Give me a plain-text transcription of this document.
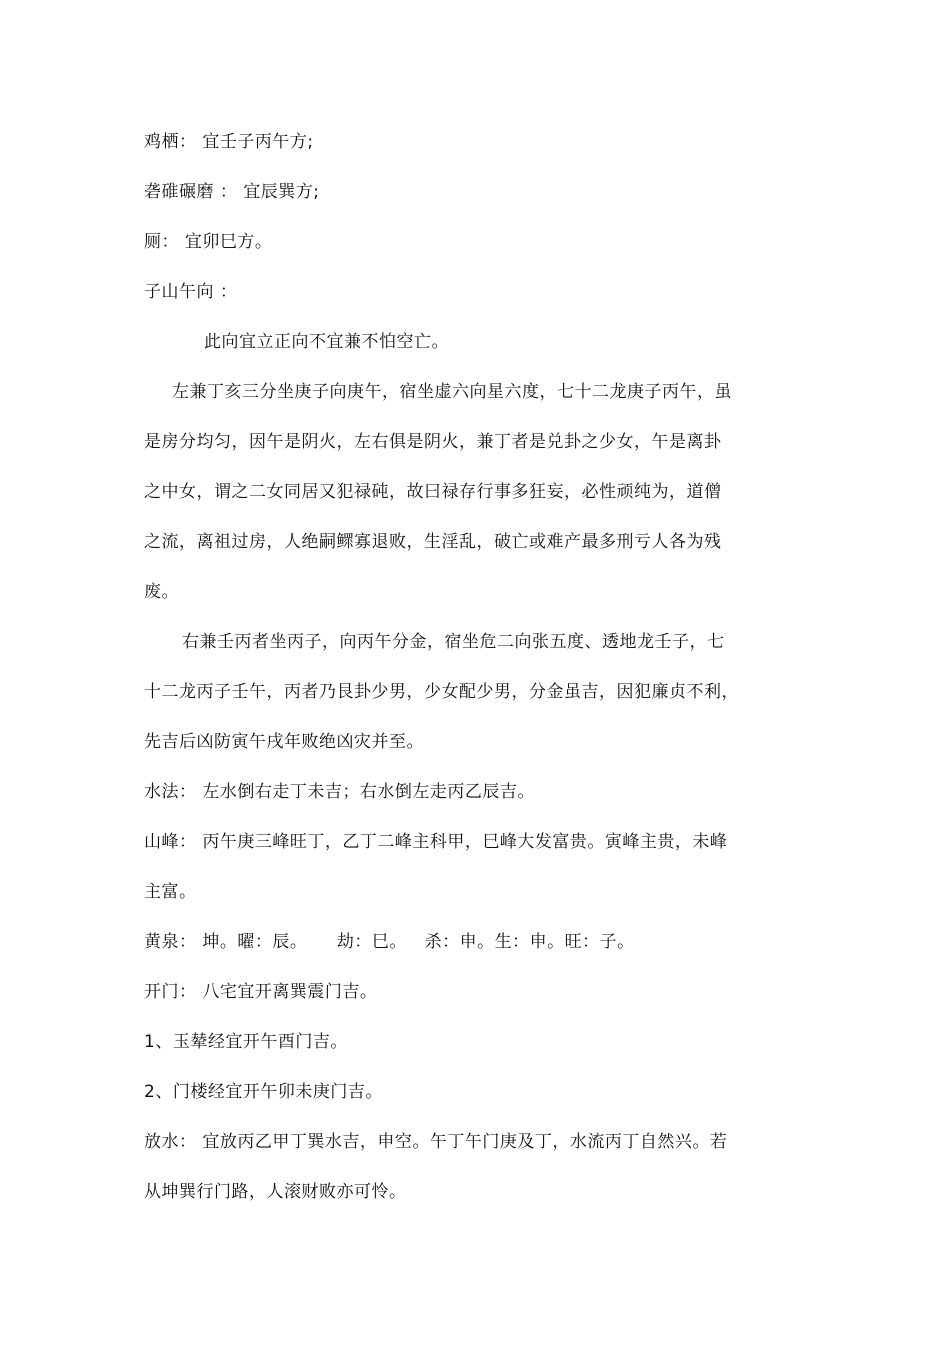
鸡栖： 宜壬子丙午方;
砻碓碾磨 ： 宜辰巽方;
厕： 宜卯巳方。
子山午向 ：
此向宜立正向不宜兼不怕空亡。
左兼丁亥三分坐庚子向庚午，宿坐虚六向星六度，七十二龙庚子丙午，虽
是房分均匀，因午是阴火，左右俱是阴火，兼丁者是兑卦之少女，午是离卦
之中女，谓之二女同居又犯禄砘，故曰禄存行事多狂妄，必性顽纯为，道僧
之流，离祖过房，人绝嗣鳏寡退败，生淫乱，破亡或难产最多刑亏人各为残
废。
右兼壬丙者坐丙子，向丙午分金，宿坐危二向张五度、透地龙壬子，七
十二龙丙子壬午，丙者乃艮卦少男，少女配少男，分金虽吉，因犯廉贞不利，
先吉后凶防寅午戌年败绝凶灾并至。
水法： 左水倒右走丁未吉；右水倒左走丙乙辰吉。
山峰： 丙午庚三峰旺丁，乙丁二峰主科甲，巳峰大发富贵。寅峰主贵，未峰
主富。
黄泉： 坤。曜：辰。     劫：巳。   杀：申。生：申。旺：子。
开门： 八宅宜开离巽震门吉。
1、玉辇经宜开午酉门吉。
2、门楼经宜开午卯未庚门吉。
放水： 宜放丙乙甲丁巽水吉，申空。午丁午门庚及丁，水流丙丁自然兴。若
从坤巽行门路，人滚财败亦可怜。
